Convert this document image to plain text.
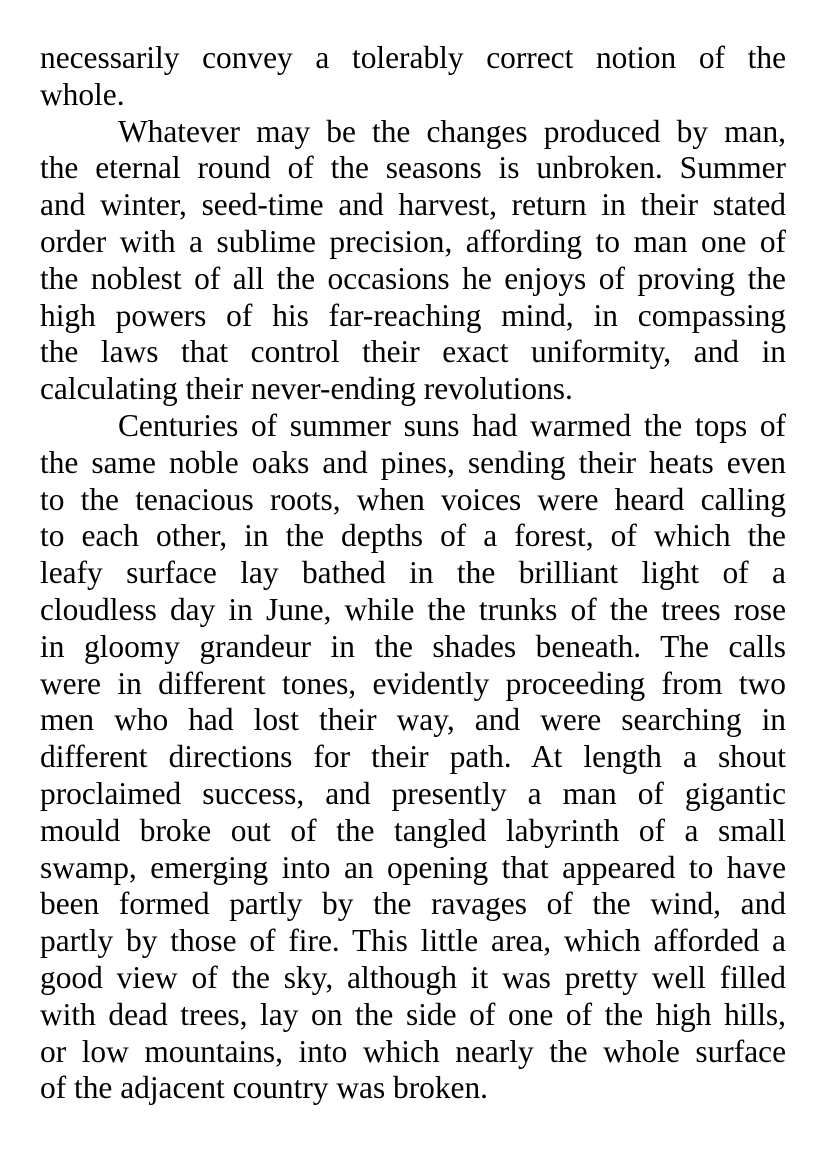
necessarily convey a tolerably correct notion of the
whole.
Whatever may be the changes produced by man,
the eternal round of the seasons is unbroken. Summer
and winter, seed-time and harvest, return in their stated
order with a sublime precision, affording to man one of
the noblest of all the occasions he enjoys of proving the
high powers of his far-reaching mind, in compassing
the laws that control their exact uniformity, and in
calculating their never-ending revolutions.
Centuries of summer suns had warmed the tops of
the same noble oaks and pines, sending their heats even
to the tenacious roots, when voices were heard calling
to each other, in the depths of a forest, of which the
leafy surface lay bathed in the brilliant light of a
cloudless day in June, while the trunks of the trees rose
in gloomy grandeur in the shades beneath. The calls
were in different tones, evidently proceeding from two
men who had lost their way, and were searching in
different directions for their path. At length a shout
proclaimed success, and presently a man of gigantic
mould broke out of the tangled labyrinth of a small
swamp, emerging into an opening that appeared to have
been formed partly by the ravages of the wind, and
partly by those of fire. This little area, which afforded a
good view of the sky, although it was pretty well filled
with dead trees, lay on the side of one of the high hills,
or low mountains, into which nearly the whole surface
of the adjacent country was broken.
